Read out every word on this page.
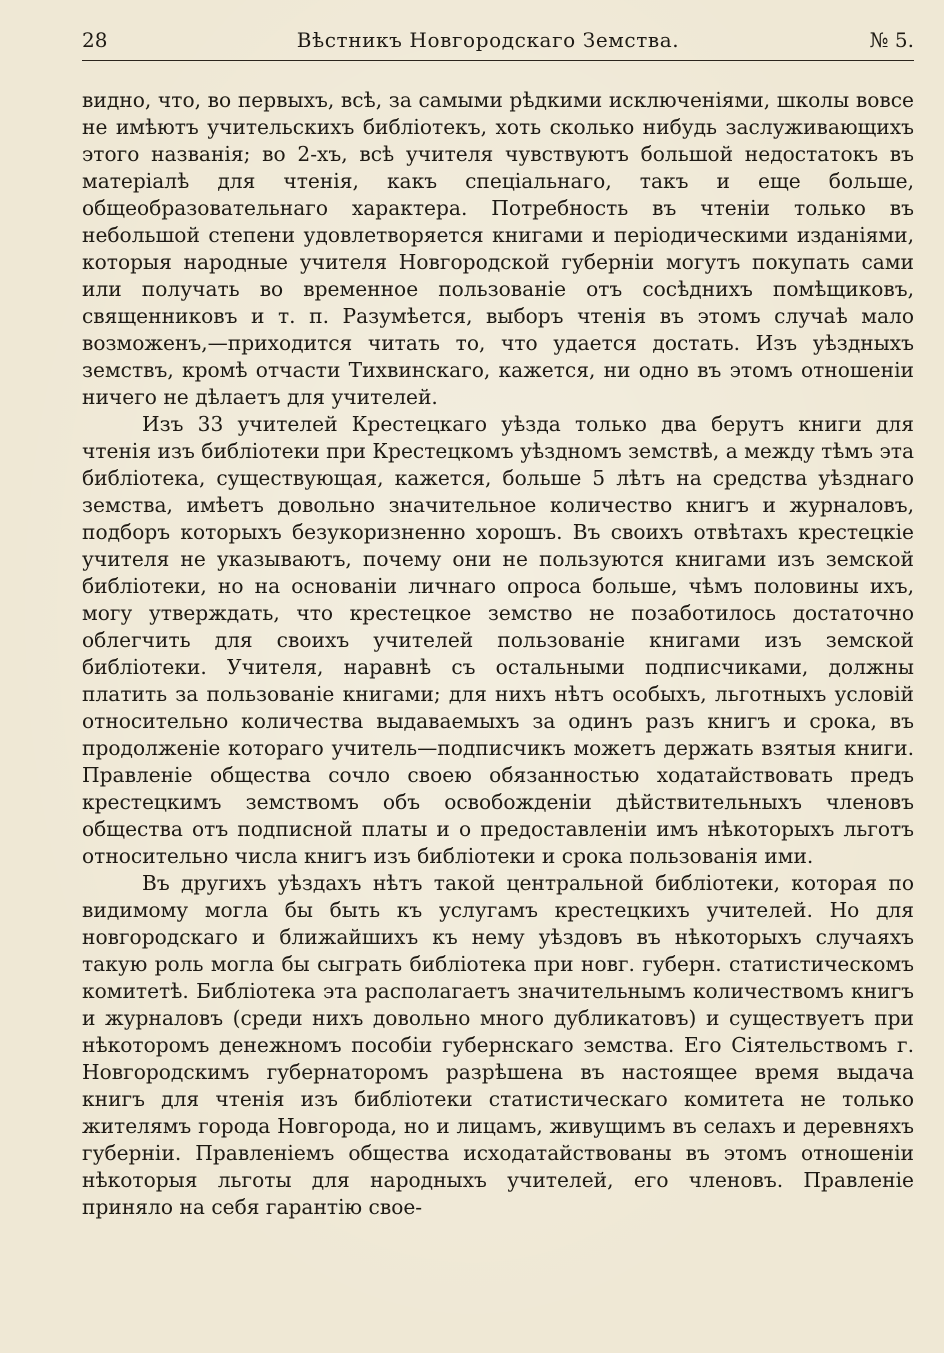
28	Вѣстникъ Новгородскаго Земства.	№ 5.

видно, что, во первыхъ, всѣ, за самыми рѣдкими исключеніями, школы вовсе не имѣютъ учительскихъ библіотекъ, хоть сколько нибудь заслуживающихъ этого названія; во 2-хъ, всѣ учителя чувствуютъ большой недостатокъ въ матеріалѣ для чтенія, какъ спеціальнаго, такъ и еще больше, общеобразовательнаго характера. Потребность въ чтеніи только въ небольшой степени удовлетворяется книгами и періодическими изданіями, которыя народные учителя Новгородской губерніи могутъ покупать сами или получать во временное пользованіе отъ сосѣднихъ помѣщиковъ, священниковъ и т. п. Разумѣется, выборъ чтенія въ этомъ случаѣ мало возможенъ,—приходится читать то, что удается достать. Изъ уѣздныхъ земствъ, кромѣ отчасти Тихвинскаго, кажется, ни одно въ этомъ отношеніи ничего не дѣлаетъ для учителей.

Изъ 33 учителей Крестецкаго уѣзда только два берутъ книги для чтенія изъ библіотеки при Крестецкомъ уѣздномъ земствѣ, а между тѣмъ эта библіотека, существующая, кажется, больше 5 лѣтъ на средства уѣзднаго земства, имѣетъ довольно значительное количество книгъ и журналовъ, подборъ которыхъ безукоризненно хорошъ. Въ своихъ отвѣтахъ крестецкіе учителя не указываютъ, почему они не пользуются книгами изъ земской библіотеки, но на основаніи личнаго опроса больше, чѣмъ половины ихъ, могу утверждать, что крестецкое земство не позаботилось достаточно облегчить для своихъ учителей пользованіе книгами изъ земской библіотеки. Учителя, наравнѣ съ остальными подписчиками, должны платить за пользованіе книгами; для нихъ нѣтъ особыхъ, льготныхъ условій относительно количества выдаваемыхъ за одинъ разъ книгъ и срока, въ продолженіе котораго учитель—подписчикъ можетъ держать взятыя книги. Правленіе общества сочло своею обязанностью ходатайствовать предъ крестецкимъ земствомъ объ освобожденіи дѣйствительныхъ членовъ общества отъ подписной платы и о предоставленіи имъ нѣкоторыхъ льготъ относительно числа книгъ изъ библіотеки и срока пользованія ими.

Въ другихъ уѣздахъ нѣтъ такой центральной библіотеки, которая по видимому могла бы быть къ услугамъ крестецкихъ учителей. Но для новгородскаго и ближайшихъ къ нему уѣздовъ въ нѣкоторыхъ случаяхъ такую роль могла бы сыграть библіотека при новг. губерн. статистическомъ комитетѣ. Библіотека эта располагаетъ значительнымъ количествомъ книгъ и журналовъ (среди нихъ довольно много дубликатовъ) и существуетъ при нѣкоторомъ денежномъ пособіи губернскаго земства. Его Сіятельствомъ г. Новгородскимъ губернаторомъ разрѣшена въ настоящее время выдача книгъ для чтенія изъ библіотеки статистическаго комитета не только жителямъ города Новгорода, но и лицамъ, живущимъ въ селахъ и деревняхъ губерніи. Правленіемъ общества исходатайствованы въ этомъ отношеніи нѣкоторыя льготы для народныхъ учителей, его членовъ. Правленіе приняло на себя гарантію свое-
